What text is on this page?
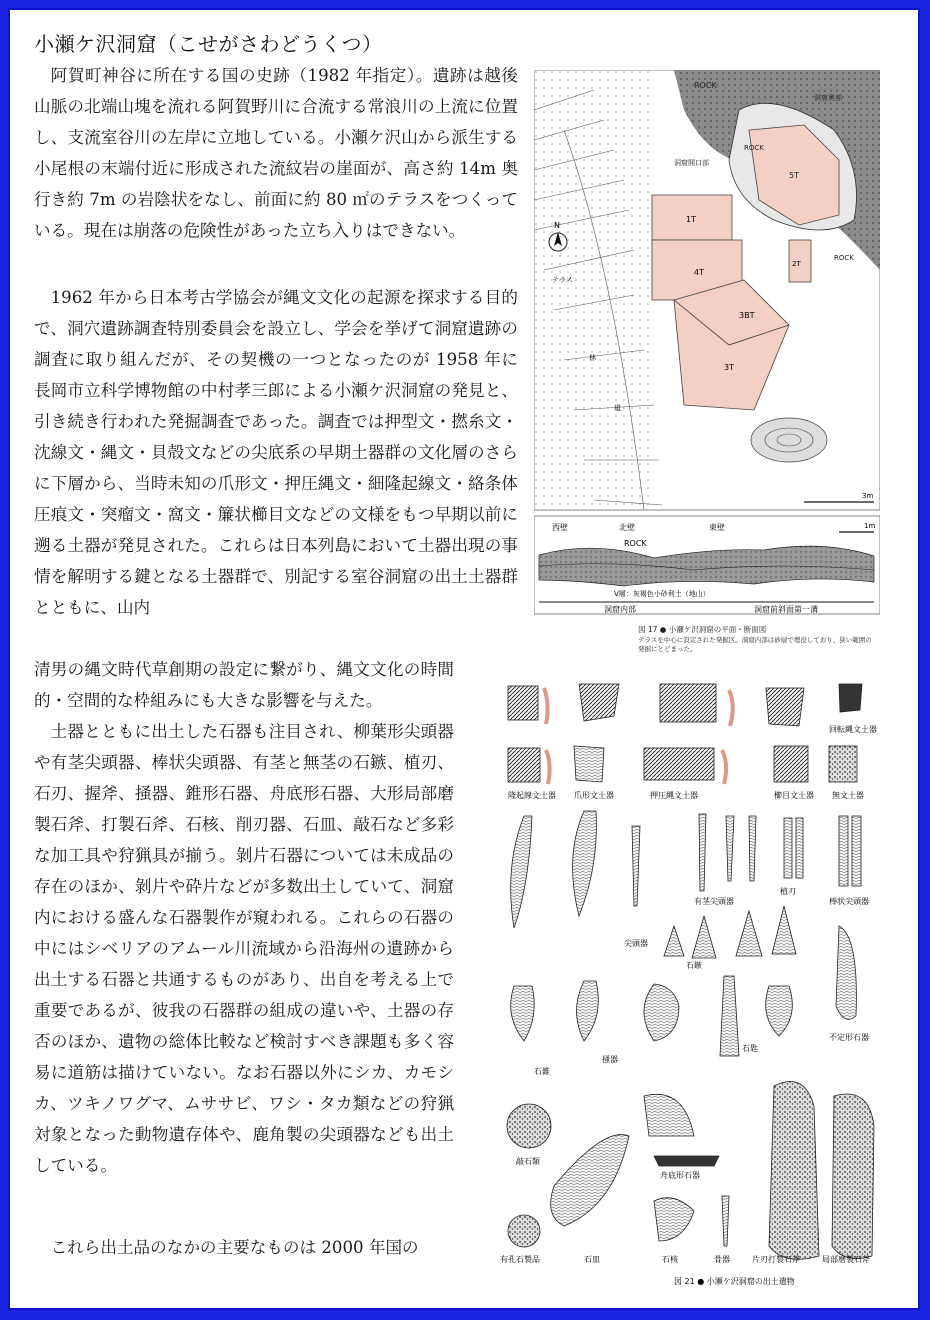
小瀬ケ沢洞窟（こせがさわどうくつ）

阿賀町神谷に所在する国の史跡（1982 年指定）。遺跡は越後山脈の北端山塊を流れる阿賀野川に合流する常浪川の上流に位置し、支流室谷川の左岸に立地している。小瀬ケ沢山から派生する小尾根の末端付近に形成された流紋岩の崖面が、高さ約 14m 奥行き約 7m の岩陰状をなし、前面に約 80 ㎡のテラスをつくっている。現在は崩落の危険性があった立ち入りはできない。

1962 年から日本考古学協会が縄文文化の起源を探求する目的で、洞穴遺跡調査特別委員会を設立し、学会を挙げて洞窟遺跡の調査に取り組んだが、その契機の一つとなったのが 1958 年に長岡市立科学博物館の中村孝三郎による小瀬ケ沢洞窟の発見と、引き続き行われた発掘調査であった。調査では押型文・撚糸文・沈線文・縄文・貝殻文などの尖底系の早期土器群の文化層のさらに下層から、当時未知の爪形文・押圧縄文・細隆起線文・絡条体圧痕文・突瘤文・窩文・簾状櫛目文などの文様をもつ早期以前に遡る土器が発見された。これらは日本列島において土器出現の事情を解明する鍵となる土器群で、別記する室谷洞窟の出土土器群とともに、山内

清男の縄文時代草創期の設定に繋がり、縄文文化の時間的・空間的な枠組みにも大きな影響を与えた。

土器とともに出土した石器も注目され、柳葉形尖頭器や有茎尖頭器、棒状尖頭器、有茎と無茎の石鏃、植刃、石刃、握斧、掻器、錐形石器、舟底形石器、大形局部磨製石斧、打製石斧、石核、削刃器、石皿、敲石など多彩な加工具や狩猟具が揃う。剝片石器については未成品の存在のほか、剝片や砕片などが多数出土していて、洞窟内における盛んな石器製作が窺われる。これらの石器の中にはシベリアのアムール川流域から沿海州の遺跡から出土する石器と共通するものがあり、出自を考える上で重要であるが、彼我の石器群の組成の違いや、土器の存否のほか、遺物の総体比較など検討すべき課題も多く容易に道筋は描けていない。なお石器以外にシカ、カモシカ、ツキノワグマ、ムササビ、ワシ・タカ類などの狩猟対象となった動物遺存体や、鹿角製の尖頭器なども出土している。

これら出土品のなかの主要なものは 2000 年国の

5T
ROCK
ROCK
ROCK
洞窟奥部
洞窟開口部
1T
4T
2T
3BT
3T
N
テラス
林
道
3m
西壁	北壁	東壁
ROCK
1m
V層：灰褐色小砂利土（地山）
洞窟内部	洞窟前斜面第一溝
図 17 ● 小瀬ケ沢洞窟の平面・断面図
テラスを中心に設定された発掘区。洞窟内部は砂層で埋没しており、狭い範囲の発掘にとどまった。
回転縄文土器
隆起線文土器 爪形文土器	押圧縄文土器	櫛目文土器 無文土器
有茎尖頭器
植刃
棒状尖頭器
尖頭器
石鏃
不定形石器
石錐
掻器
石匙
敲石類
舟底形石器
有孔石製品	石皿	石核	骨器	片刃打製石斧	局部磨製石斧
図 21 ● 小瀬ケ沢洞窟の出土遺物
